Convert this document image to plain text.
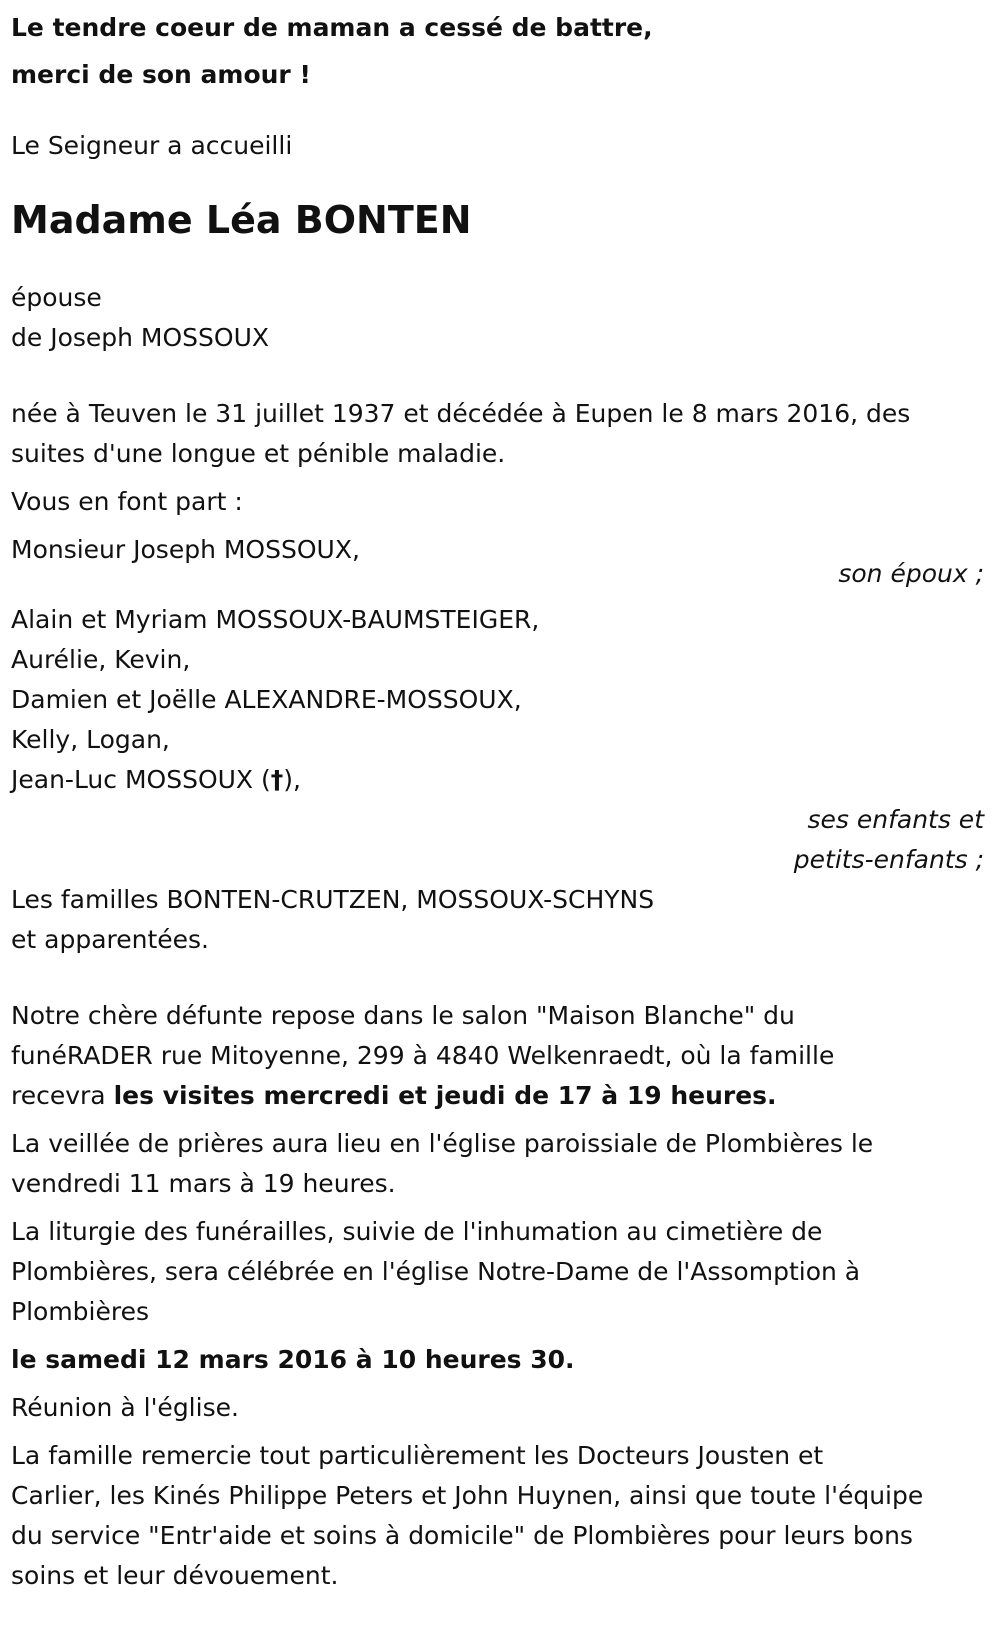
Le tendre coeur de maman a cessé de battre,
merci de son amour !

Le Seigneur a accueilli

Madame Léa BONTEN

épouse
de Joseph MOSSOUX

née à Teuven le 31 juillet 1937 et décédée à Eupen le 8 mars 2016, des
suites d'une longue et pénible maladie.

Vous en font part :

Monsieur Joseph MOSSOUX,

son époux ;

Alain et Myriam MOSSOUX-BAUMSTEIGER,
Aurélie, Kevin,
Damien et Joëlle ALEXANDRE-MOSSOUX,
Kelly, Logan,
Jean-Luc MOSSOUX (†),

ses enfants et
petits-enfants ;

Les familles BONTEN-CRUTZEN, MOSSOUX-SCHYNS
et apparentées.

Notre chère défunte repose dans le salon "Maison Blanche" du
funéRADER rue Mitoyenne, 299 à 4840 Welkenraedt, où la famille
recevra les visites mercredi et jeudi de 17 à 19 heures.

La veillée de prières aura lieu en l'église paroissiale de Plombières le
vendredi 11 mars à 19 heures.

La liturgie des funérailles, suivie de l'inhumation au cimetière de
Plombières, sera célébrée en l'église Notre-Dame de l'Assomption à
Plombières

le samedi 12 mars 2016 à 10 heures 30.

Réunion à l'église.

La famille remercie tout particulièrement les Docteurs Jousten et
Carlier, les Kinés Philippe Peters et John Huynen, ainsi que toute l'équipe
du service "Entr'aide et soins à domicile" de Plombières pour leurs bons
soins et leur dévouement.
